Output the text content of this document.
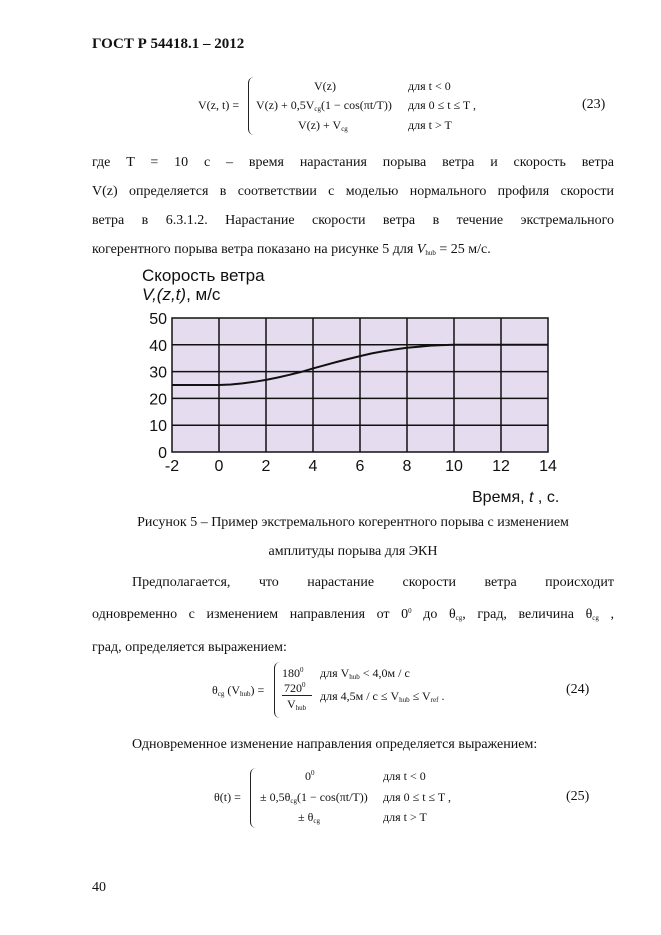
ГОСТ Р 54418.1 – 2012
V(z, t) =
V(z)	для t < 0
$V(z) + 0,5V_{cg}(1 - \cos(\pi t/T))$ для 0 ≤ t ≤ T ,
$V(z) + V_{cg}$	для t > T
(23)
где T = 10 с – время нарастания порыва ветра и скорость ветра
V(z) определяется в соответствии с моделью нормального профиля скорости
ветра в 6.3.1.2. Нарастание скорости ветра в течение экстремального
когерентного порыва ветра показано на рисунке 5 для $V_{hub} = 25$ м/с.
Скорость ветра
V,(z,t), м/с
0
10
20
30
40
50
-2 0 2 4 6 8 10 12 14
Время, t , с.
Рисунок 5 – Пример экстремального когерентного порыва с изменением
амплитуды порыва для ЭКН
Предполагается, что нарастание скорости ветра происходит
одновременно с изменением направления от $0^0$ до $\theta_{cg}$, град, величина $\theta_{cg}$ ,
град, определяется выражением:
$\theta_{cg}$ $(V_{hub})$ =
$180^0$ для $V_{hub} < 4,0м / с$
$720^0$
$V_{hub}$
для $4,5м / с \le V_{hub} \le V_{ref}$ .	(24)
Одновременное изменение направления определяется выражением:
θ(t) =
$0^0$	для t < 0
± $0,5\theta_{cg}(1 - \cos(\pi t/T))$ для 0 ≤ t ≤ T ,
± $\theta_{cg}$	для t > T
(25)
40
